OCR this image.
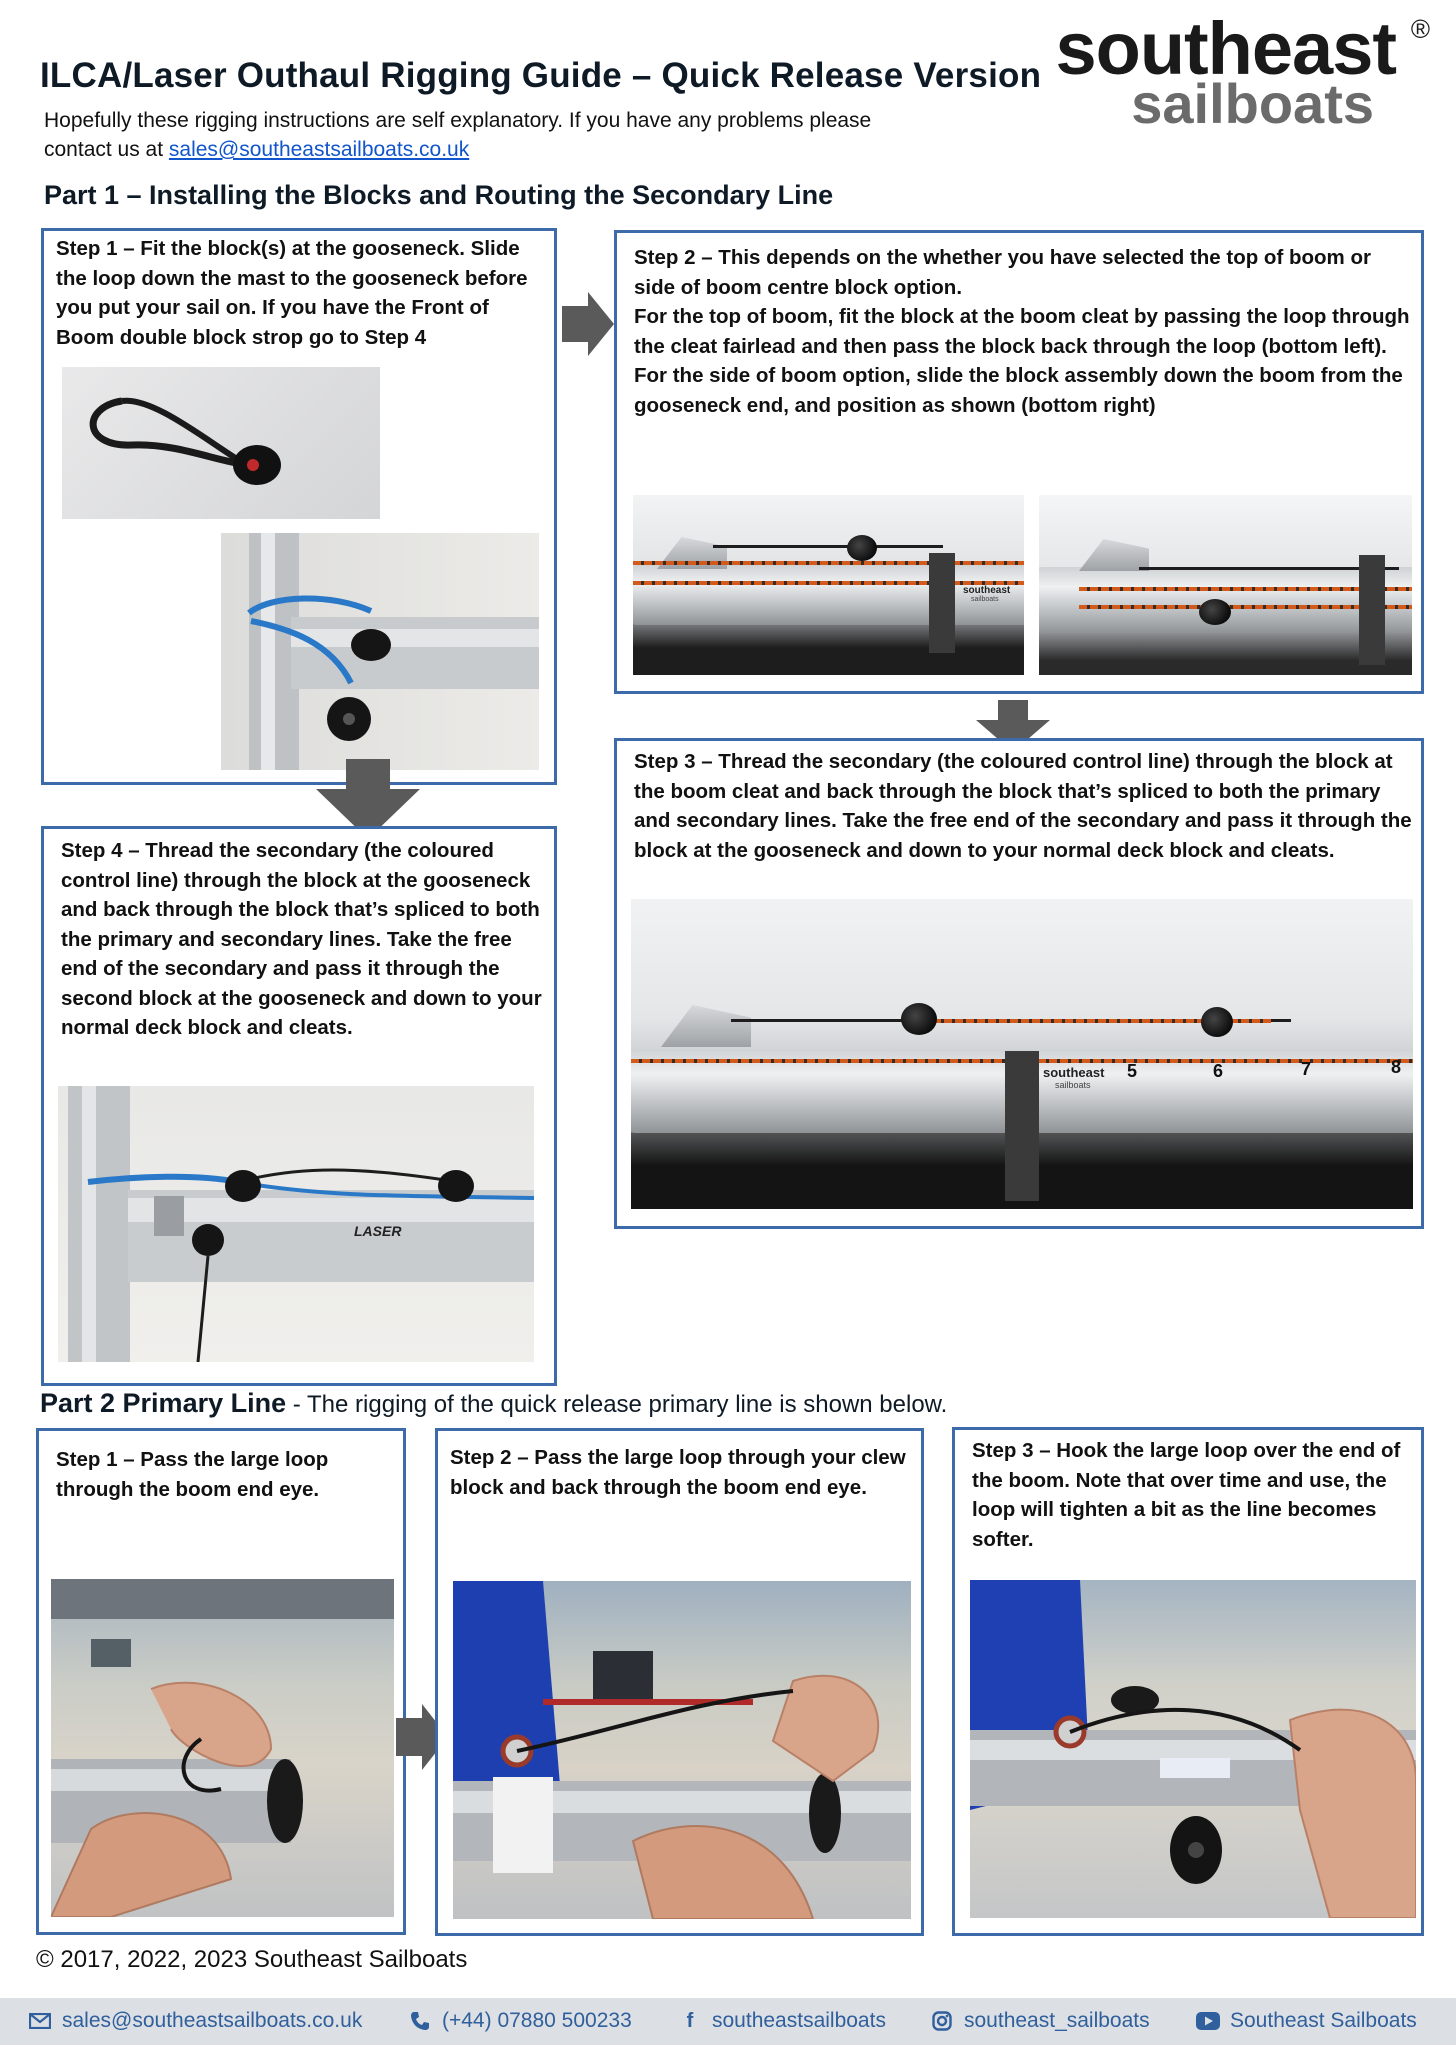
ILCA/Laser Outhaul Rigging Guide – Quick Release Version
Hopefully these rigging instructions are self explanatory. If you have any problems please
contact us at sales@southeastsailboats.co.uk
southeast
sailboats
®
Part 1 – Installing the Blocks and Routing the Secondary Line
Step 1 – Fit the block(s) at the gooseneck. Slide the loop down the mast to the gooseneck before you put your sail on. If you have the Front of Boom double block strop go to Step 4
Step 2 – This depends on the whether you have selected the top of boom or side of boom centre block option.
For the top of boom, fit the block at the boom cleat by passing the loop through the cleat fairlead and then pass the block back through the loop (bottom left).
For the side of boom option, slide the block assembly down the boom from the gooseneck end, and position as shown (bottom right)
southeast
sailboats
Step 3 – Thread the secondary (the coloured control line) through the block at the boom cleat and back through the block that’s spliced to both the primary and secondary lines. Take the free end of the secondary and pass it through the block at the gooseneck and down to your normal deck block and cleats.
southeast
sailboats
5	6	7	8
Step 4 – Thread the secondary (the coloured control line) through the block at the gooseneck and back through the block that’s spliced to both the primary and secondary lines. Take the free end of the secondary and pass it through the second block at the gooseneck and down to your normal deck block and cleats.
LASER
Part 2 Primary Line - The rigging of the quick release primary line is shown below.
Step 1 – Pass the large loop through the boom end eye.
Step 2 – Pass the large loop through your clew block and back through the boom end eye.
Step 3 – Hook the large loop over the end of the boom. Note that over time and use, the loop will tighten a bit as the line becomes softer.
© 2017, 2022, 2023 Southeast Sailboats
sales@southeastsailboats.co.uk	(+44) 07880 500233	f southeastsailboats	southeast_sailboats	Southeast Sailboats
